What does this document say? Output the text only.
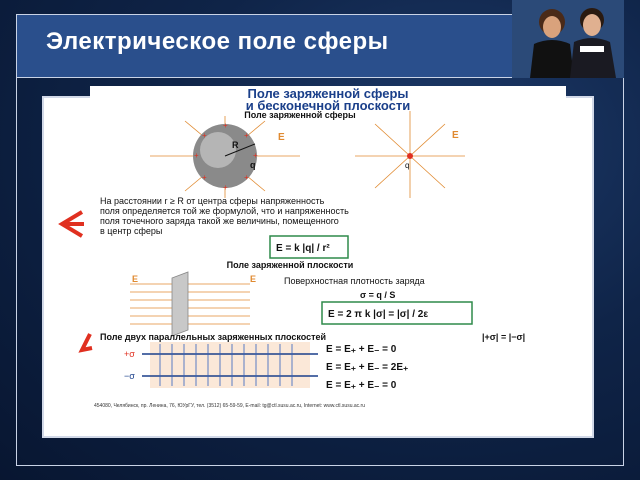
Электрическое поле сферы
Поле заряженной сферы
и бесконечной плоскости
Поле заряженной сферы
R
q
E
+
+
+	+
+	+
+	+
q
E
На расстоянии r ≥ R от центра сферы напряженность
поля определяется той же формулой, что и напряженность
поля точечного заряда такой же величины, помещенного
в центр сферы
E = k |q| / r²
Поле заряженной плоскости
E	E	Поверхностная плотность заряда
σ = q / S
E = 2 π k |σ| = |σ| / 2ε
Поле двух параллельных заряженных плоскостей	|+σ| = |−σ|
+σ
−σ
E = E₊ + E₋ = 0
E = E₊ + E₋ = 2E₊
E = E₊ + E₋ = 0
454080, Челябинск, пр. Ленина, 76, ЮУрГУ, тел. (3512) 65-59-59, E-mail: tg@ctl.susu.ac.ru, Internet: www.ctl.susu.ac.ru
